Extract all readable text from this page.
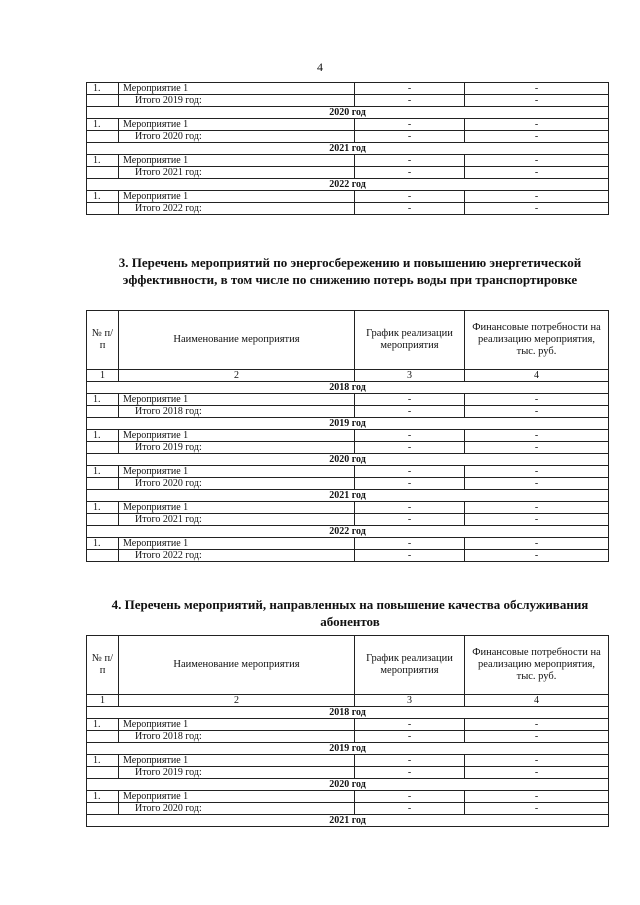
4
1.	Мероприятие 1	-	-
	Итого 2019 год:	-	-
2020 год			
1.	Мероприятие 1	-	-
	Итого 2020 год:	-	-
2021 год			
1.	Мероприятие 1	-	-
	Итого 2021 год:	-	-
2022 год			
1.	Мероприятие 1	-	-
	Итого 2022 год:	-	-
3. Перечень мероприятий по энергосбережению и повышению энергетической эффективности, в том числе по снижению потерь воды при транспортировке
№ п/п	Наименование мероприятия	График реализации мероприятия	Финансовые потребности на реализацию мероприятия, тыс. руб.
1	2	3	4
2018 год			
1.	Мероприятие 1	-	-
	Итого 2018 год:	-	-
2019 год			
1.	Мероприятие 1	-	-
	Итого 2019 год:	-	-
2020 год			
1.	Мероприятие 1	-	-
	Итого 2020 год:	-	-
2021 год			
1.	Мероприятие 1	-	-
	Итого 2021 год:	-	-
2022 год			
1.	Мероприятие 1	-	-
	Итого 2022 год:	-	-
4. Перечень мероприятий, направленных на повышение качества обслуживания абонентов
№ п/п	Наименование мероприятия	График реализации мероприятия	Финансовые потребности на реализацию мероприятия, тыс. руб.
1	2	3	4
2018 год			
1.	Мероприятие 1	-	-
	Итого 2018 год:	-	-
2019 год			
1.	Мероприятие 1	-	-
	Итого 2019 год:	-	-
2020 год			
1.	Мероприятие 1	-	-
	Итого 2020 год:	-	-
2021 год			
